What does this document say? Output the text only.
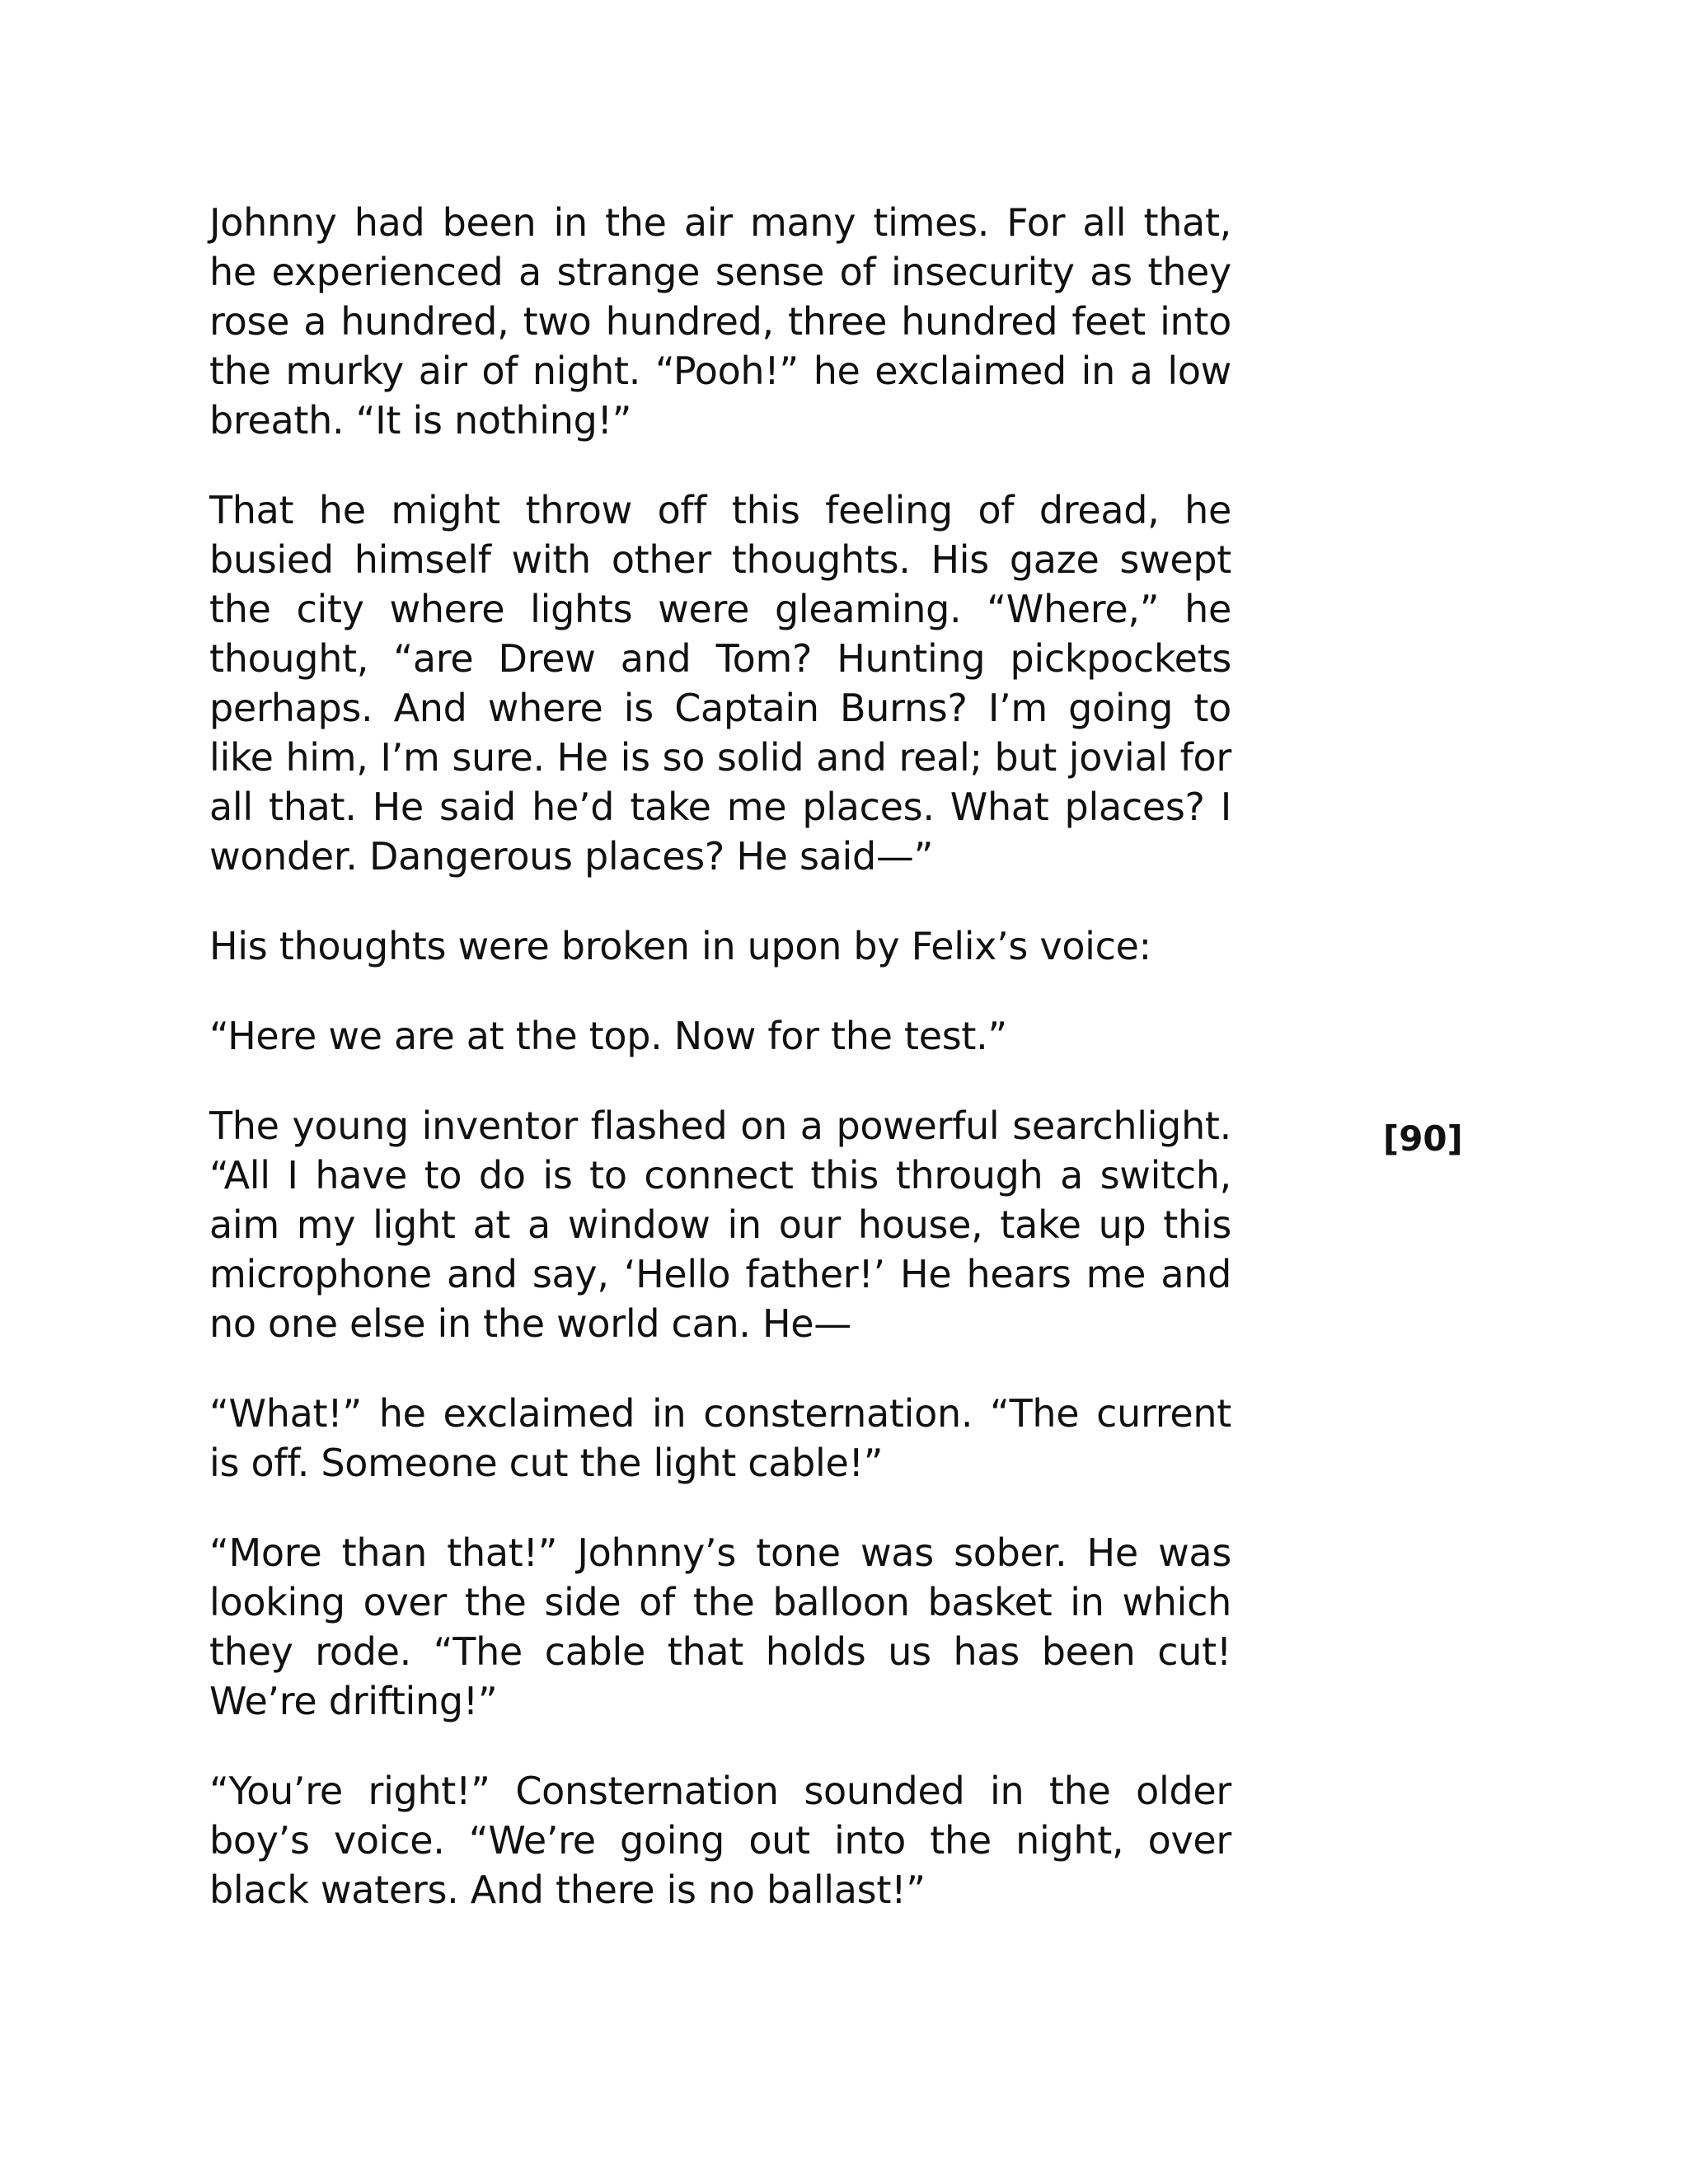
Johnny had been in the air many times. For all that, he experienced a strange sense of insecurity as they rose a hundred, two hundred, three hundred feet into the murky air of night. “Pooh!” he exclaimed in a low breath. “It is nothing!”

That he might throw off this feeling of dread, he busied himself with other thoughts. His gaze swept the city where lights were gleaming. “Where,” he thought, “are Drew and Tom? Hunting pickpockets perhaps. And where is Captain Burns? I’m going to like him, I’m sure. He is so solid and real; but jovial for all that. He said he’d take me places. What places? I wonder. Dangerous places? He said—”

His thoughts were broken in upon by Felix’s voice:

“Here we are at the top. Now for the test.”

The young inventor flashed on a powerful searchlight. “All I have to do is to connect this through a switch, aim my light at a window in our house, take up this microphone and say, ‘Hello father!’ He hears me and no one else in the world can. He—

“What!” he exclaimed in consternation. “The current is off. Someone cut the light cable!”

“More than that!” Johnny’s tone was sober. He was looking over the side of the balloon basket in which they rode. “The cable that holds us has been cut! We’re drifting!”

“You’re right!” Consternation sounded in the older boy’s voice. “We’re going out into the night, over black waters. And there is no ballast!”

[90]
